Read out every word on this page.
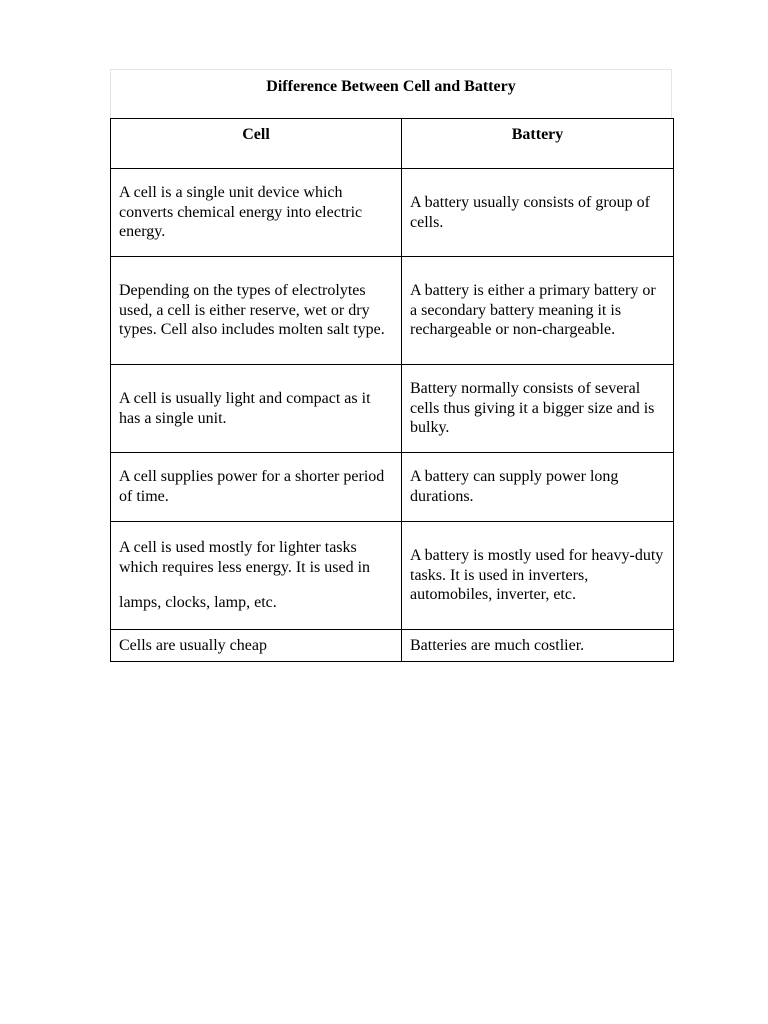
Difference Between Cell and Battery
Cell	Battery
A cell is a single unit device which converts chemical energy into electric energy.	A battery usually consists of group of cells.
Depending on the types of electrolytes used, a cell is either reserve, wet or dry types. Cell also includes molten salt type.	A battery is either a primary battery or a secondary battery meaning it is rechargeable or non-chargeable.
A cell is usually light and compact as it has a single unit.	Battery normally consists of several cells thus giving it a bigger size and is bulky.
A cell supplies power for a shorter period of time.	A battery can supply power long durations.

A cell is used mostly for lighter tasks which requires less energy. It is used in
lamps, clocks, lamp, etc.	A battery is mostly used for heavy-duty tasks. It is used in inverters, automobiles, inverter, etc.
Cells are usually cheap	Batteries are much costlier.
